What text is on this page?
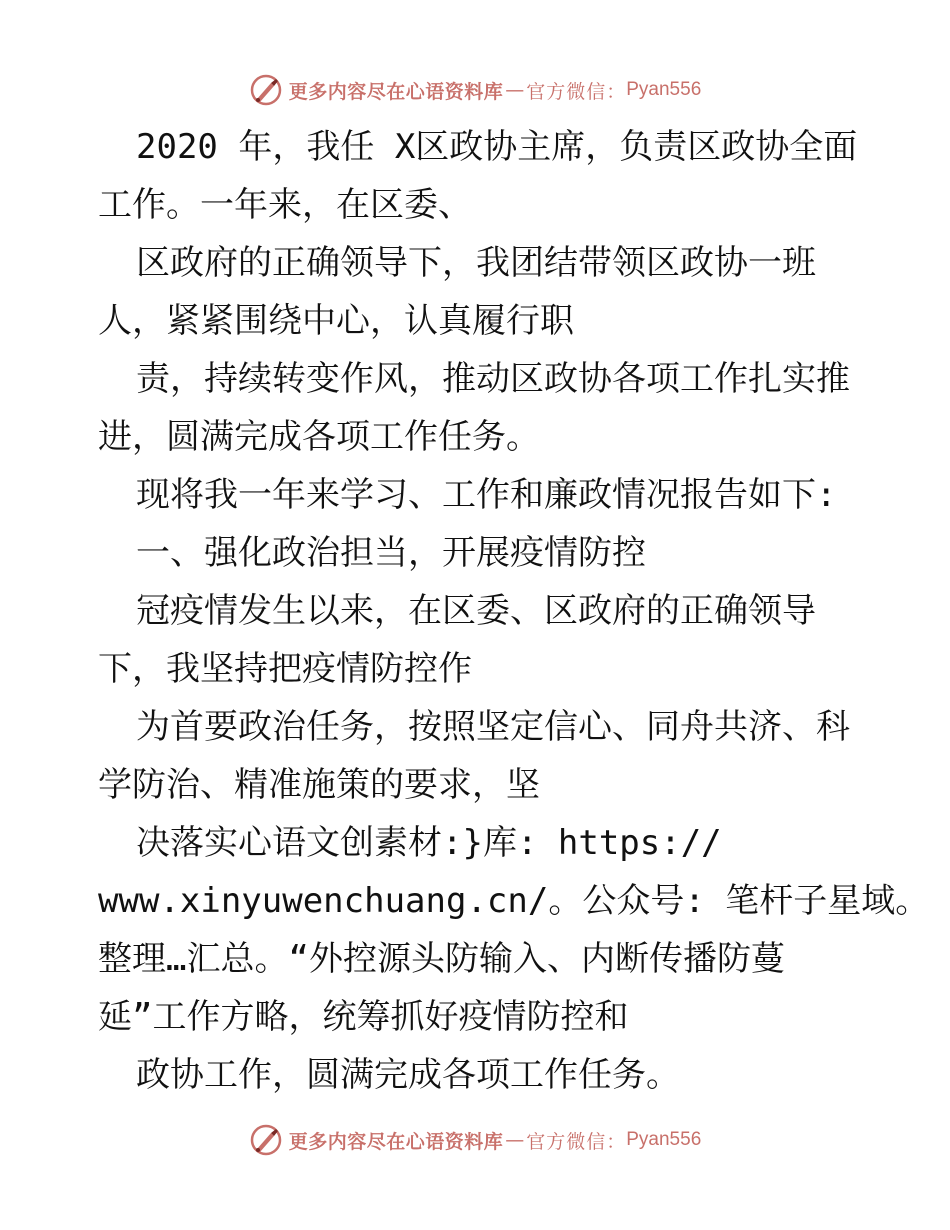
更多内容尽在心语资料库 — 官方微信： Pyan556
2020 年，我任 X区政协主席，负责区政协全面
工作。一年来，在区委、
区政府的正确领导下，我团结带领区政协一班
人，紧紧围绕中心，认真履行职
责，持续转变作风，推动区政协各项工作扎实推
进，圆满完成各项工作任务。
现将我一年来学习、工作和廉政情况报告如下:
一、强化政治担当，开展疫情防控
冠疫情发生以来，在区委、区政府的正确领导
下，我坚持把疫情防控作
为首要政治任务，按照坚定信心、同舟共济、科
学防治、精准施策的要求，坚
决落实心语文创素材:}库: https://
www.xinyuwenchuang.cn/。公众号: 笔杆子星域。
整理…汇总。“外控源头防输入、内断传播防蔓
延”工作方略，统筹抓好疫情防控和
政协工作，圆满完成各项工作任务。
更多内容尽在心语资料库 — 官方微信： Pyan556
